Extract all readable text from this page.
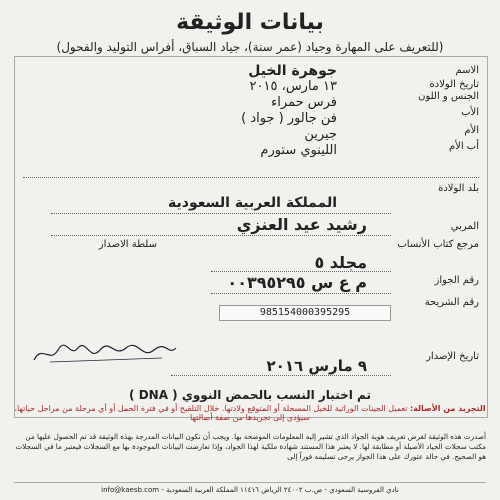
بيانات الوثيقة
(للتعريف على المهارة وجياد (عمر سنة)، جياد السباق، أفراس التوليد والفحول)
الاسم
جوهرة الخيل
تاريخ الولادة
١٣ مارس، ٢٠١٥
الجنس و اللون
فرس حمراء
الأب
فن جالور ( جواد )
الأم
جيرين
أب الأم
اللينوي ستورم
بلد الولادة
المملكة العربية السعودية
المربي
رشيد عيد العنزي
مرجع كتاب الأنساب
سلطة الاصدار
مجلد ٥
رقم الجواز
م ع س ٠٠٣٩٥٢٩٥
رقم الشريحة
985154000395295
تاريخ الإصدار
٩ مارس ٢٠١٦
تم اختبار النسب بالحمض النووي ( DNA )
التجريد من الأصالة: تعميل الجينات الوراثية للخيل المسجلة أو المتوقع ولادتها. خلال التلقيح أو في فترة الحمل أو أي مرحلة من مراحل حياتها، سيؤدي إلى تجريدها من صفة أصالتها
أصدرت هذه الوثيقة لغرض تعريف هوية الجواد الذي تشير إليه المعلومات الموضحة بها. ويجب أن تكون البيانات المدرجة بهذه الوثيقة قد تم الحصول عليها من مكتب سجلات الجياد الأصيلة أو مطابقة لها. لا يعتبر هذا المستند شهادة ملكية لهذا الجواد، وإذا تعارضت البيانات الموجودة بها مع السجلات فيعتبر ما في السجلات هو الصحيح. في حالة عثورك على هذا الجواز يرجى تسليمه فوراً إلى
نادي الفروسية السعودي - ص.ب ٢٤٠٠٢ الرياض ١١٤١٦ المملكة العربية السعودية - info@kaesb.com
